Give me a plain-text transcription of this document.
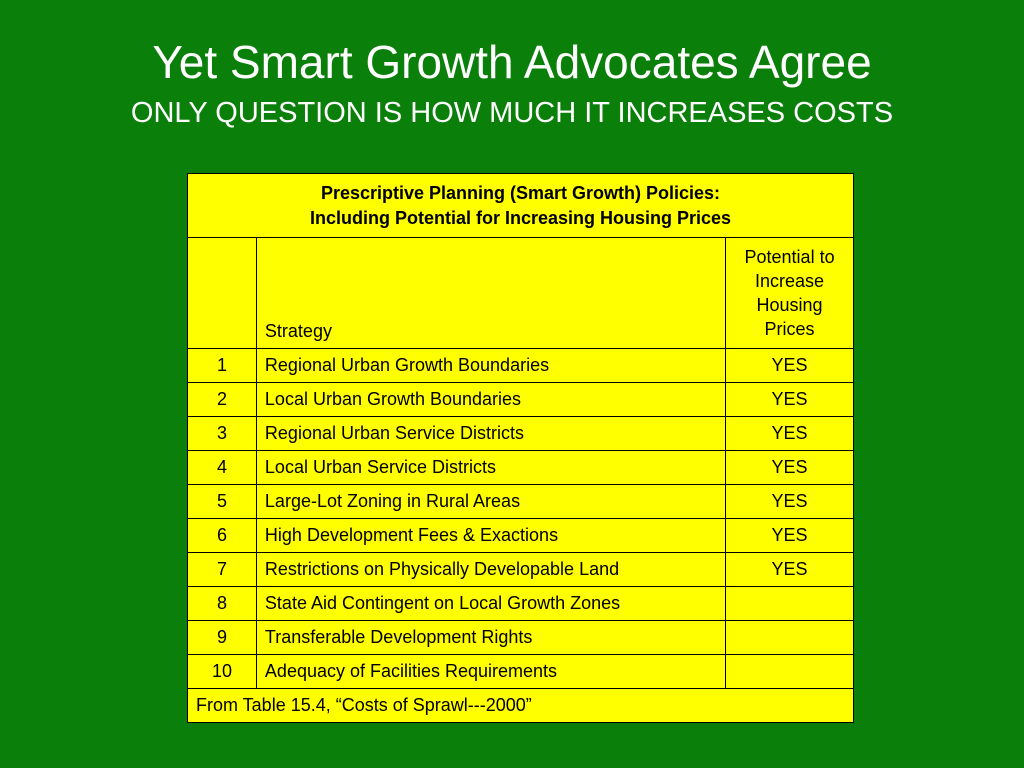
Yet Smart Growth Advocates Agree
ONLY QUESTION IS HOW MUCH IT INCREASES COSTS
Prescriptive Planning (Smart Growth) Policies:
Including Potential for Increasing Housing Prices		
	Strategy	Potential to Increase Housing Prices
1	Regional Urban Growth Boundaries	YES
2	Local Urban Growth Boundaries	YES
3	Regional Urban Service Districts	YES
4	Local Urban Service Districts	YES
5	Large-Lot Zoning in Rural Areas	YES
6	High Development Fees & Exactions	YES
7	Restrictions on Physically Developable Land	YES
8	State Aid Contingent on Local Growth Zones	
9	Transferable Development Rights	
10	Adequacy of Facilities Requirements	
From Table 15.4, “Costs of Sprawl---2000”		
